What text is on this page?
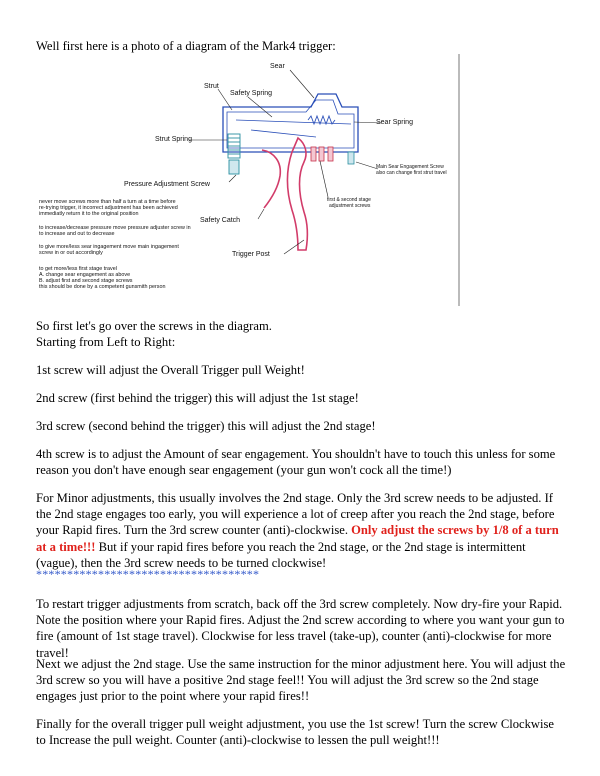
Well first here is a photo of a diagram of the Mark4 trigger:

Sear
Strut
Safety Spring
Sear Spring
Strut Spring
Main Sear Engagement Screw
also can change first strut travel
Pressure Adjustment Screw
first & second stage
adjustment screws
Safety Catch
Trigger Post
never move screws more than half a turn at a time before
re-trying trigger, it incorrect adjustment has been achieved
immediatly return it to the original position
to increase/decrease pressure move pressure adjuster screw in
to increase and out to decrease
to give more/less sear ingagement move main ingagement
screw in or out accordingly
to get more/less first stage travel
A. change sear engagement as above
B. adjust first and second stage screws
this should be done by a competent gunsmith person

So first let's go over the screws in the diagram.
Starting from Left to Right:

1st screw will adjust the Overall Trigger pull Weight!

2nd screw (first behind the trigger) this will adjust the 1st stage!

3rd screw (second behind the trigger) this will adjust the 2nd stage!

4th screw is to adjust the Amount of sear engagement. You shouldn't have to touch this unless for some reason you don't have enough sear engagement (your gun won't cock all the time!)

For Minor adjustments, this usually involves the 2nd stage. Only the 3rd screw needs to be adjusted. If the 2nd stage engages too early, you will experience a lot of creep after you reach the 2nd stage, before your Rapid fires. Turn the 3rd screw counter (anti)-clockwise. Only adjust the screws by 1/8 of a turn at a time!!! But if your rapid fires before you reach the 2nd stage, or the 2nd stage is intermittent (vague), then the 3rd screw needs to be turned clockwise!

************************************

To restart trigger adjustments from scratch, back off the 3rd screw completely. Now dry-fire your Rapid. Note the position where your Rapid fires. Adjust the 2nd screw according to where you want your gun to fire (amount of 1st stage travel). Clockwise for less travel (take-up), counter (anti)-clockwise for more travel!

Next we adjust the 2nd stage. Use the same instruction for the minor adjustment here. You will adjust the 3rd screw so you will have a positive 2nd stage feel!! You will adjust the 3rd screw so the 2nd stage engages just prior to the point where your rapid fires!!

Finally for the overall trigger pull weight adjustment, you use the 1st screw! Turn the screw Clockwise to Increase the pull weight. Counter (anti)-clockwise to lessen the pull weight!!!
